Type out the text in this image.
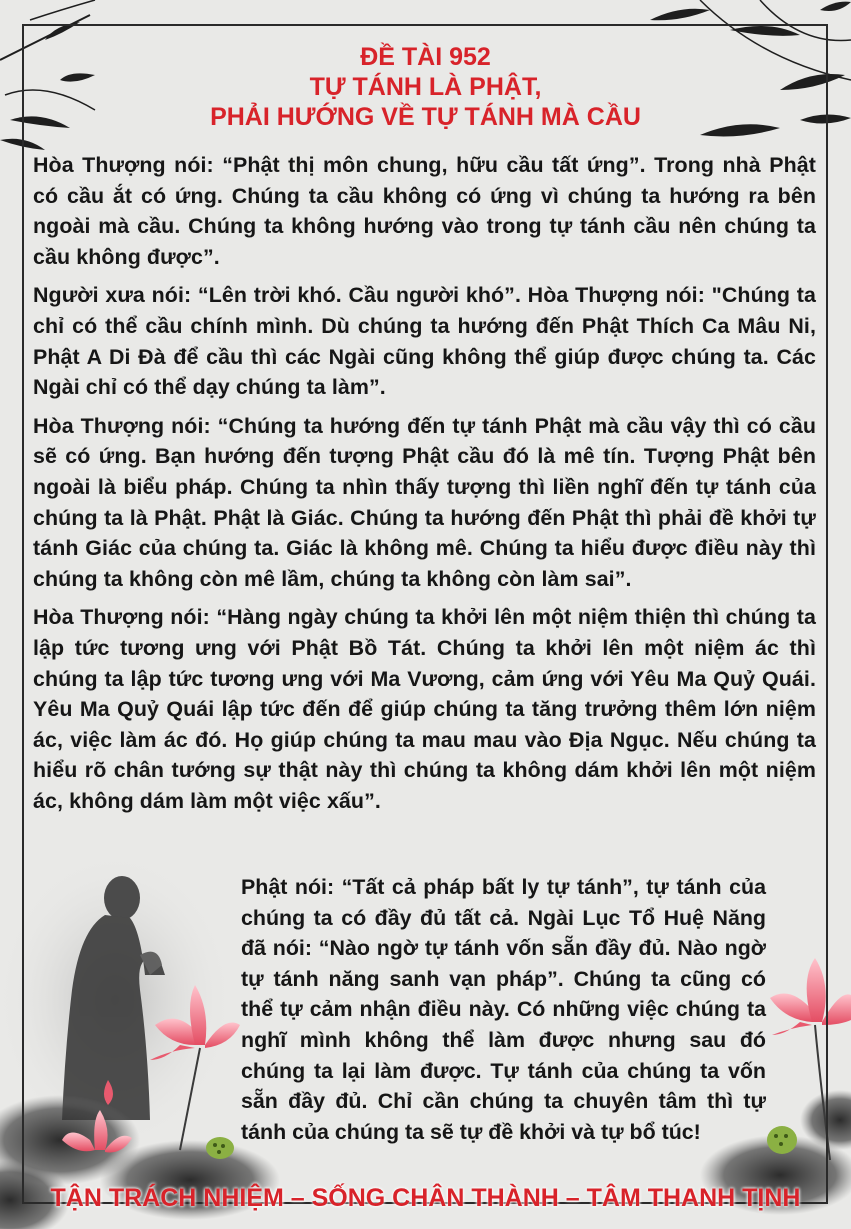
ĐỀ TÀI 952
TỰ TÁNH LÀ PHẬT,
PHẢI HƯỚNG VỀ TỰ TÁNH MÀ CẦU

Hòa Thượng nói: “Phật thị môn chung, hữu cầu tất ứng”. Trong nhà Phật có cầu ắt có ứng. Chúng ta cầu không có ứng vì chúng ta hướng ra bên ngoài mà cầu. Chúng ta không hướng vào trong tự tánh cầu nên chúng ta cầu không được”.

Người xưa nói: “Lên trời khó. Cầu người khó”. Hòa Thượng nói: "Chúng ta chỉ có thể cầu chính mình. Dù chúng ta hướng đến Phật Thích Ca Mâu Ni, Phật A Di Đà để cầu thì các Ngài cũng không thể giúp được chúng ta. Các Ngài chỉ có thể dạy chúng ta làm”.

Hòa Thượng nói: “Chúng ta hướng đến tự tánh Phật mà cầu vậy thì có cầu sẽ có ứng. Bạn hướng đến tượng Phật cầu đó là mê tín. Tượng Phật bên ngoài là biểu pháp. Chúng ta nhìn thấy tượng thì liền nghĩ đến tự tánh của chúng ta là Phật. Phật là Giác. Chúng ta hướng đến Phật thì phải đề khởi tự tánh Giác của chúng ta. Giác là không mê. Chúng ta hiểu được điều này thì chúng ta không còn mê lầm, chúng ta không còn làm sai”.

Hòa Thượng nói: “Hàng ngày chúng ta khởi lên một niệm thiện thì chúng ta lập tức tương ưng với Phật Bồ Tát. Chúng ta khởi lên một niệm ác thì chúng ta lập tức tương ưng với Ma Vương, cảm ứng với Yêu Ma Quỷ Quái. Yêu Ma Quỷ Quái lập tức đến để giúp chúng ta tăng trưởng thêm lớn niệm ác, việc làm ác đó. Họ giúp chúng ta mau mau vào Địa Ngục. Nếu chúng ta hiểu rõ chân tướng sự thật này thì chúng ta không dám khởi lên một niệm ác, không dám làm một việc xấu”.

Phật nói: “Tất cả pháp bất ly tự tánh”, tự tánh của chúng ta có đầy đủ tất cả. Ngài Lục Tổ Huệ Năng đã nói: “Nào ngờ tự tánh vốn sẵn đầy đủ. Nào ngờ tự tánh năng sanh vạn pháp”. Chúng ta cũng có thể tự cảm nhận điều này. Có những việc chúng ta nghĩ mình không thể làm được nhưng sau đó chúng ta lại làm được. Tự tánh của chúng ta vốn sẵn đầy đủ. Chỉ cần chúng ta chuyên tâm thì tự tánh của chúng ta sẽ tự đề khởi và tự bổ túc!

TẬN TRÁCH NHIỆM – SỐNG CHÂN THÀNH – TÂM THANH TỊNH
